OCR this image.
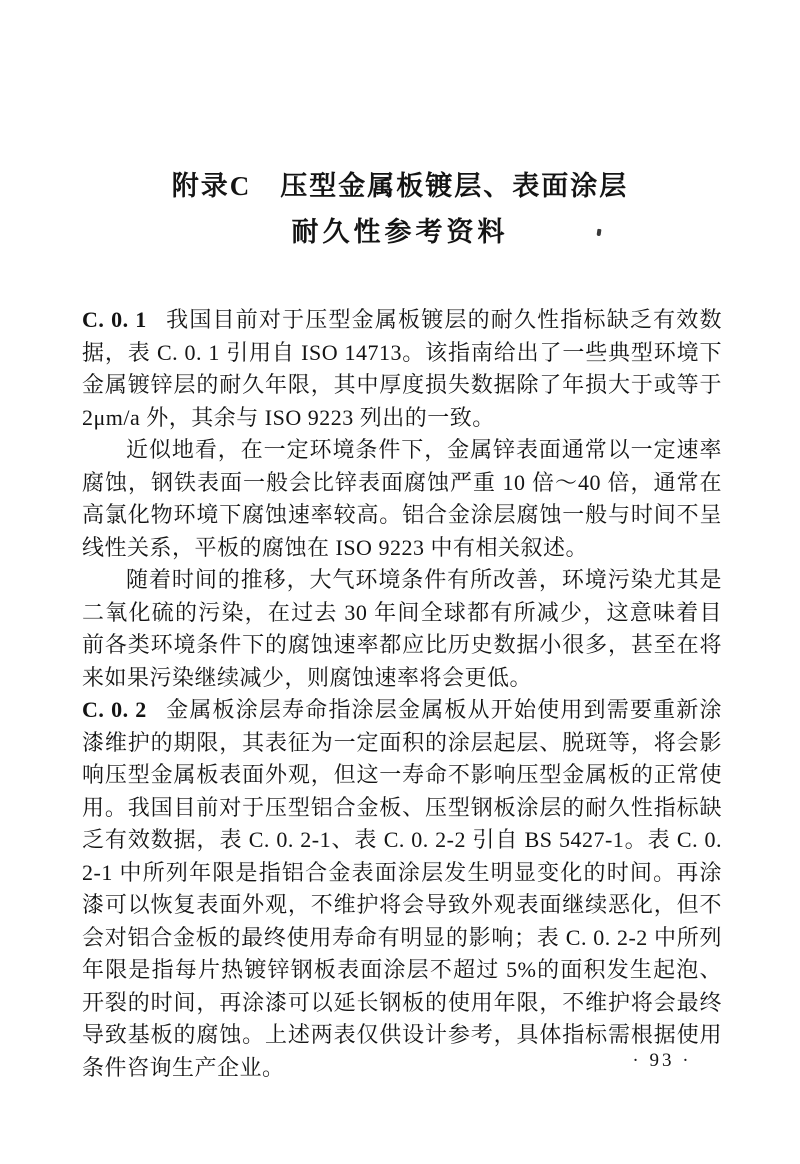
附录C　压型金属板镀层、表面涂层
耐久性参考资料

C. 0. 1 我国目前对于压型金属板镀层的耐久性指标缺乏有效数据，表 C. 0. 1 引用自 ISO 14713。该指南给出了一些典型环境下金属镀锌层的耐久年限，其中厚度损失数据除了年损大于或等于 2μm/a 外，其余与 ISO 9223 列出的一致。

近似地看，在一定环境条件下，金属锌表面通常以一定速率腐蚀，钢铁表面一般会比锌表面腐蚀严重 10 倍～40 倍，通常在高氯化物环境下腐蚀速率较高。铝合金涂层腐蚀一般与时间不呈线性关系，平板的腐蚀在 ISO 9223 中有相关叙述。

随着时间的推移，大气环境条件有所改善，环境污染尤其是二氧化硫的污染，在过去 30 年间全球都有所减少，这意味着目前各类环境条件下的腐蚀速率都应比历史数据小很多，甚至在将来如果污染继续减少，则腐蚀速率将会更低。

C. 0. 2 金属板涂层寿命指涂层金属板从开始使用到需要重新涂漆维护的期限，其表征为一定面积的涂层起层、脱斑等，将会影响压型金属板表面外观，但这一寿命不影响压型金属板的正常使用。我国目前对于压型铝合金板、压型钢板涂层的耐久性指标缺乏有效数据，表 C. 0. 2-1、表 C. 0. 2-2 引自 BS 5427-1。表 C. 0. 2-1 中所列年限是指铝合金表面涂层发生明显变化的时间。再涂漆可以恢复表面外观，不维护将会导致外观表面继续恶化，但不会对铝合金板的最终使用寿命有明显的影响；表 C. 0. 2-2 中所列年限是指每片热镀锌钢板表面涂层不超过 5%的面积发生起泡、开裂的时间，再涂漆可以延长钢板的使用年限，不维护将会最终导致基板的腐蚀。上述两表仅供设计参考，具体指标需根据使用条件咨询生产企业。	· 93 ·
